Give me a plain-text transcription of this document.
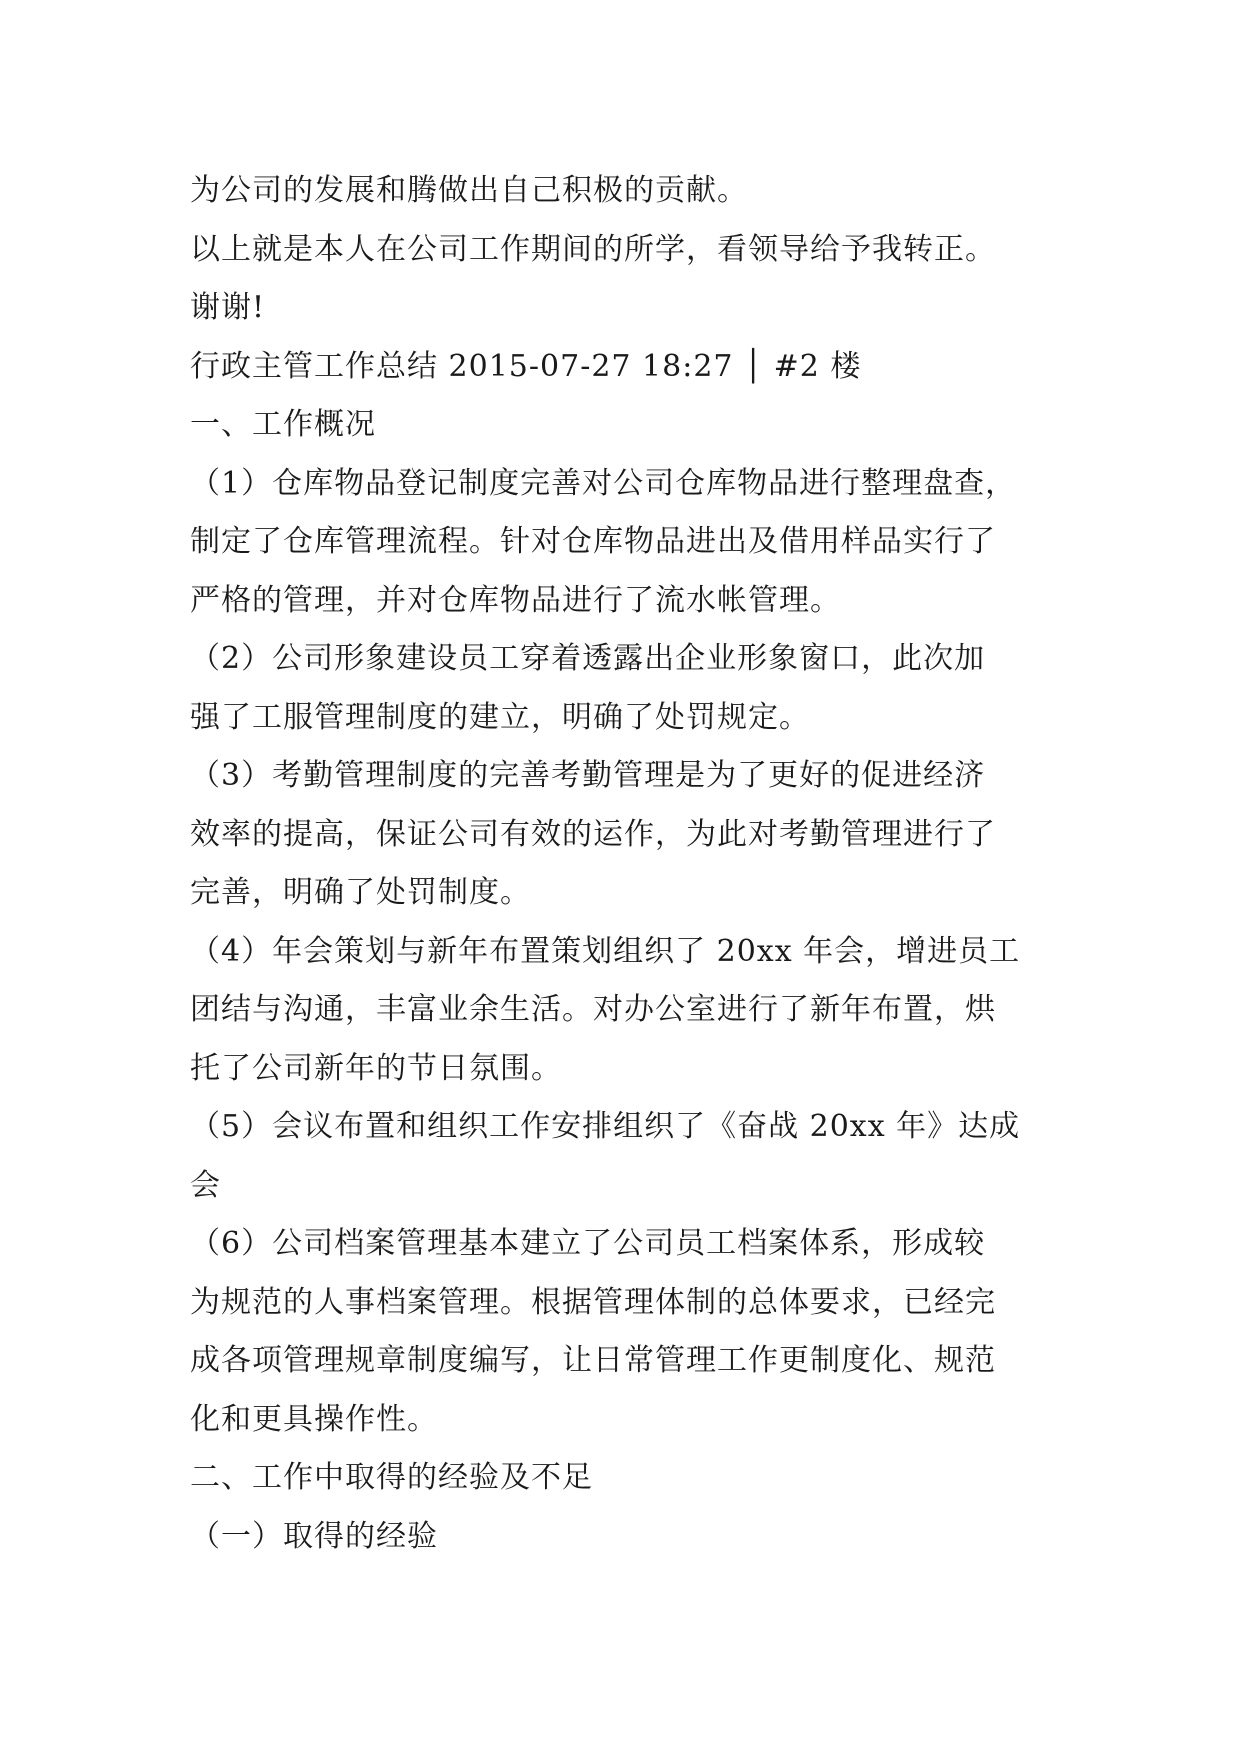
为公司的发展和腾做出自己积极的贡献。
以上就是本人在公司工作期间的所学，看领导给予我转正。
谢谢!
行政主管工作总结 2015-07-27 18:27 │ #2 楼
一、工作概况
（1）仓库物品登记制度完善对公司仓库物品进行整理盘查，
制定了仓库管理流程。针对仓库物品进出及借用样品实行了
严格的管理，并对仓库物品进行了流水帐管理。
（2）公司形象建设员工穿着透露出企业形象窗口，此次加
强了工服管理制度的建立，明确了处罚规定。
（3）考勤管理制度的完善考勤管理是为了更好的促进经济
效率的提高，保证公司有效的运作，为此对考勤管理进行了
完善，明确了处罚制度。
（4）年会策划与新年布置策划组织了 20xx 年会，增进员工
团结与沟通，丰富业余生活。对办公室进行了新年布置，烘
托了公司新年的节日氛围。
（5）会议布置和组织工作安排组织了《奋战 20xx 年》达成
会
（6）公司档案管理基本建立了公司员工档案体系，形成较
为规范的人事档案管理。根据管理体制的总体要求，已经完
成各项管理规章制度编写，让日常管理工作更制度化、规范
化和更具操作性。
二、工作中取得的经验及不足
（一）取得的经验
